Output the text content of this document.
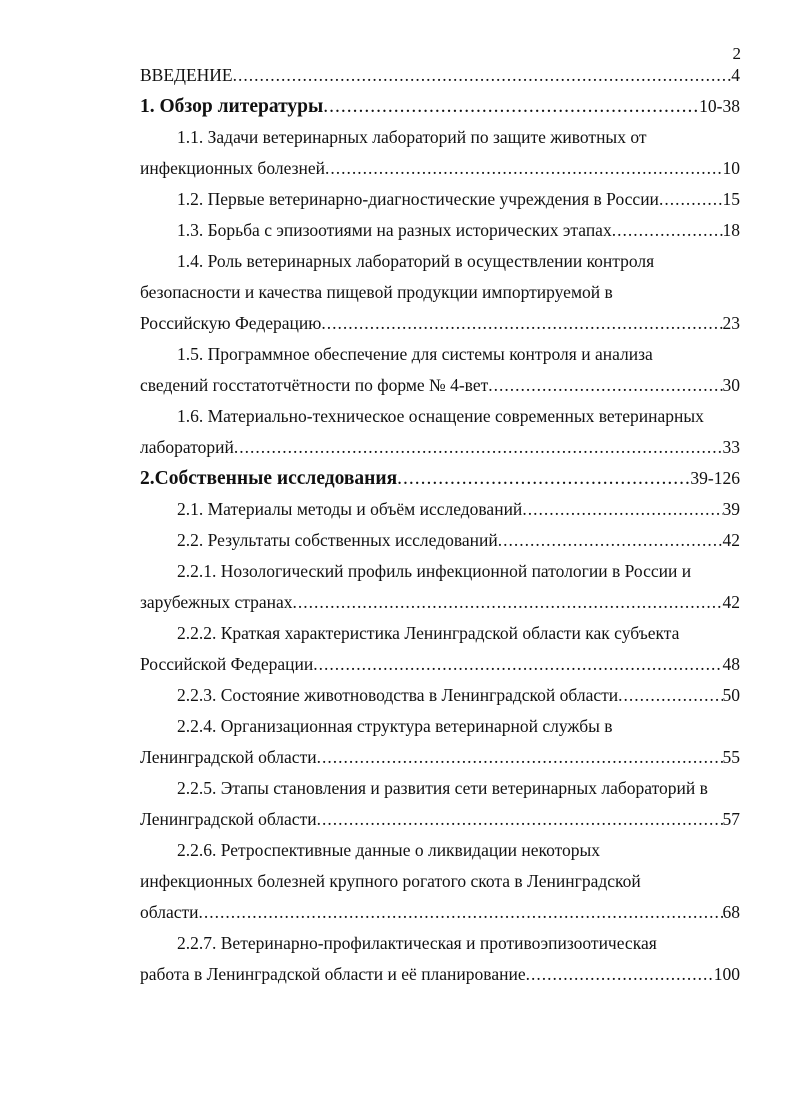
2
ВВЕДЕНИЕ .....	4
1. Обзор литературы .....	10-38
1.1. Задачи ветеринарных лабораторий по защите животных от
инфекционных болезней .....	10
1.2. Первые ветеринарно-диагностические учреждения в России .....	15
1.3. Борьба с эпизоотиями на разных исторических этапах .....	18
1.4. Роль ветеринарных лабораторий в осуществлении контроля
безопасности и качества пищевой продукции импортируемой в
Российскую Федерацию .....	23
1.5. Программное обеспечение для системы контроля и анализа
сведений госстатотчётности по форме № 4-вет .....	30
1.6. Материально-техническое оснащение современных ветеринарных
лабораторий .....	33
2.Собственные исследования .....	39-126
2.1. Материалы методы и объём исследований .....	39
2.2. Результаты собственных исследований .....	42
2.2.1. Нозологический профиль инфекционной патологии в России и
зарубежных странах .....	42
2.2.2. Краткая характеристика Ленинградской области как субъекта
Российской Федерации .....	48
2.2.3. Состояние животноводства в Ленинградской области .....	50
2.2.4. Организационная структура ветеринарной службы в
Ленинградской области .....	55
2.2.5. Этапы становления и развития сети ветеринарных лабораторий в
Ленинградской области .....	57
2.2.6. Ретроспективные данные о ликвидации некоторых
инфекционных болезней крупного рогатого скота в Ленинградской
области .....	68
2.2.7. Ветеринарно-профилактическая и противоэпизоотическая
работа в Ленинградской области и её планирование .....	100
